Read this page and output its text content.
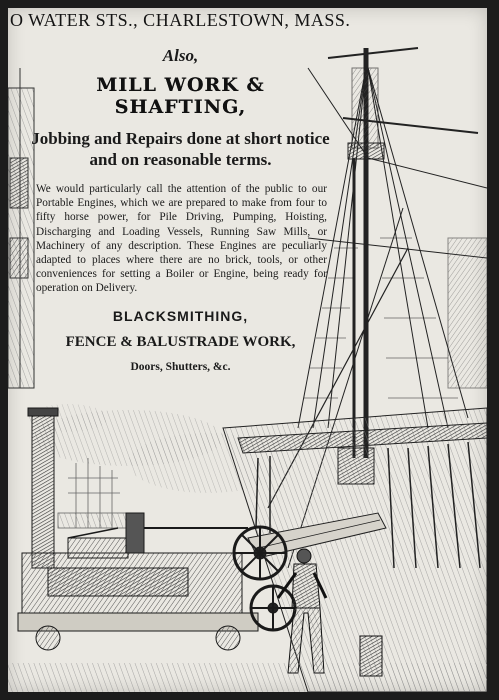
O WATER STS., CHARLESTOWN, MASS.
Also,
MILL WORK & SHAFTING,
Jobbing and Repairs done at short notice and on reasonable terms.
We would particularly call the attention of the public to our Portable Engines, which we are prepared to make from four to fifty horse power, for Pile Driving, Pumping, Hoisting, Discharging and Loading Vessels, Running Saw Mills, or Machinery of any description. These Engines are peculiarly adapted to places where there are no brick, tools, or other conveniences for setting a Boiler or Engine, being ready for operation on Delivery.
BLACKSMITHING,
FENCE & BALUSTRADE WORK,
Doors, Shutters, &c.
